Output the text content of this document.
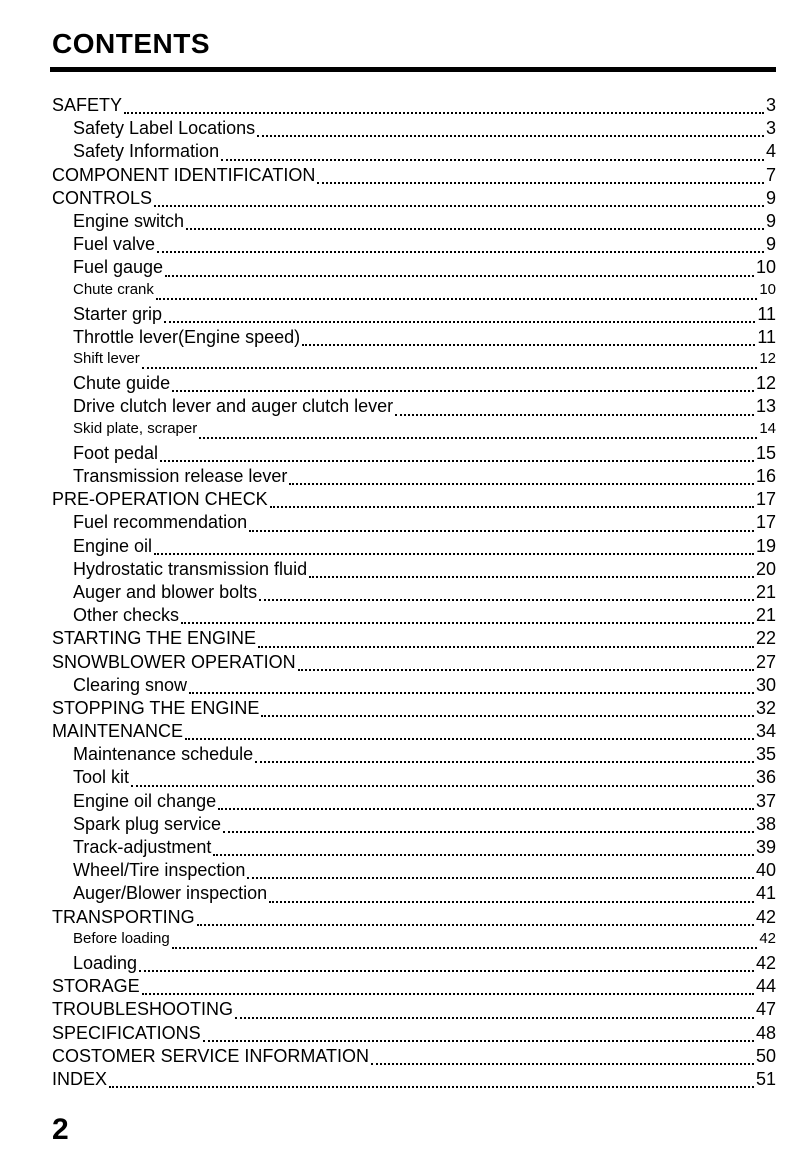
CONTENTS
SAFETY	3
Safety Label Locations	3
Safety Information	4
COMPONENT IDENTIFICATION	7
CONTROLS	9
Engine switch	9
Fuel valve	9
Fuel gauge	10
Chute crank	10
Starter grip	11
Throttle lever(Engine speed)	11
Shift lever	12
Chute guide	12
Drive clutch lever and auger clutch lever	13
Skid plate, scraper	14
Foot pedal	15
Transmission release lever	16
PRE-OPERATION CHECK	17
Fuel recommendation	17
Engine oil	19
Hydrostatic transmission fluid	20
Auger and blower bolts	21
Other checks	21
STARTING THE ENGINE	22
SNOWBLOWER OPERATION	27
Clearing snow	30
STOPPING THE ENGINE	32
MAINTENANCE	34
Maintenance schedule	35
Tool kit	36
Engine oil change	37
Spark plug service	38
Track-adjustment	39
Wheel/Tire inspection	40
Auger/Blower inspection	41
TRANSPORTING	42
Before loading	42
Loading	42
STORAGE	44
TROUBLESHOOTING	47
SPECIFICATIONS	48
COSTOMER SERVICE INFORMATION	50
INDEX	51
2
